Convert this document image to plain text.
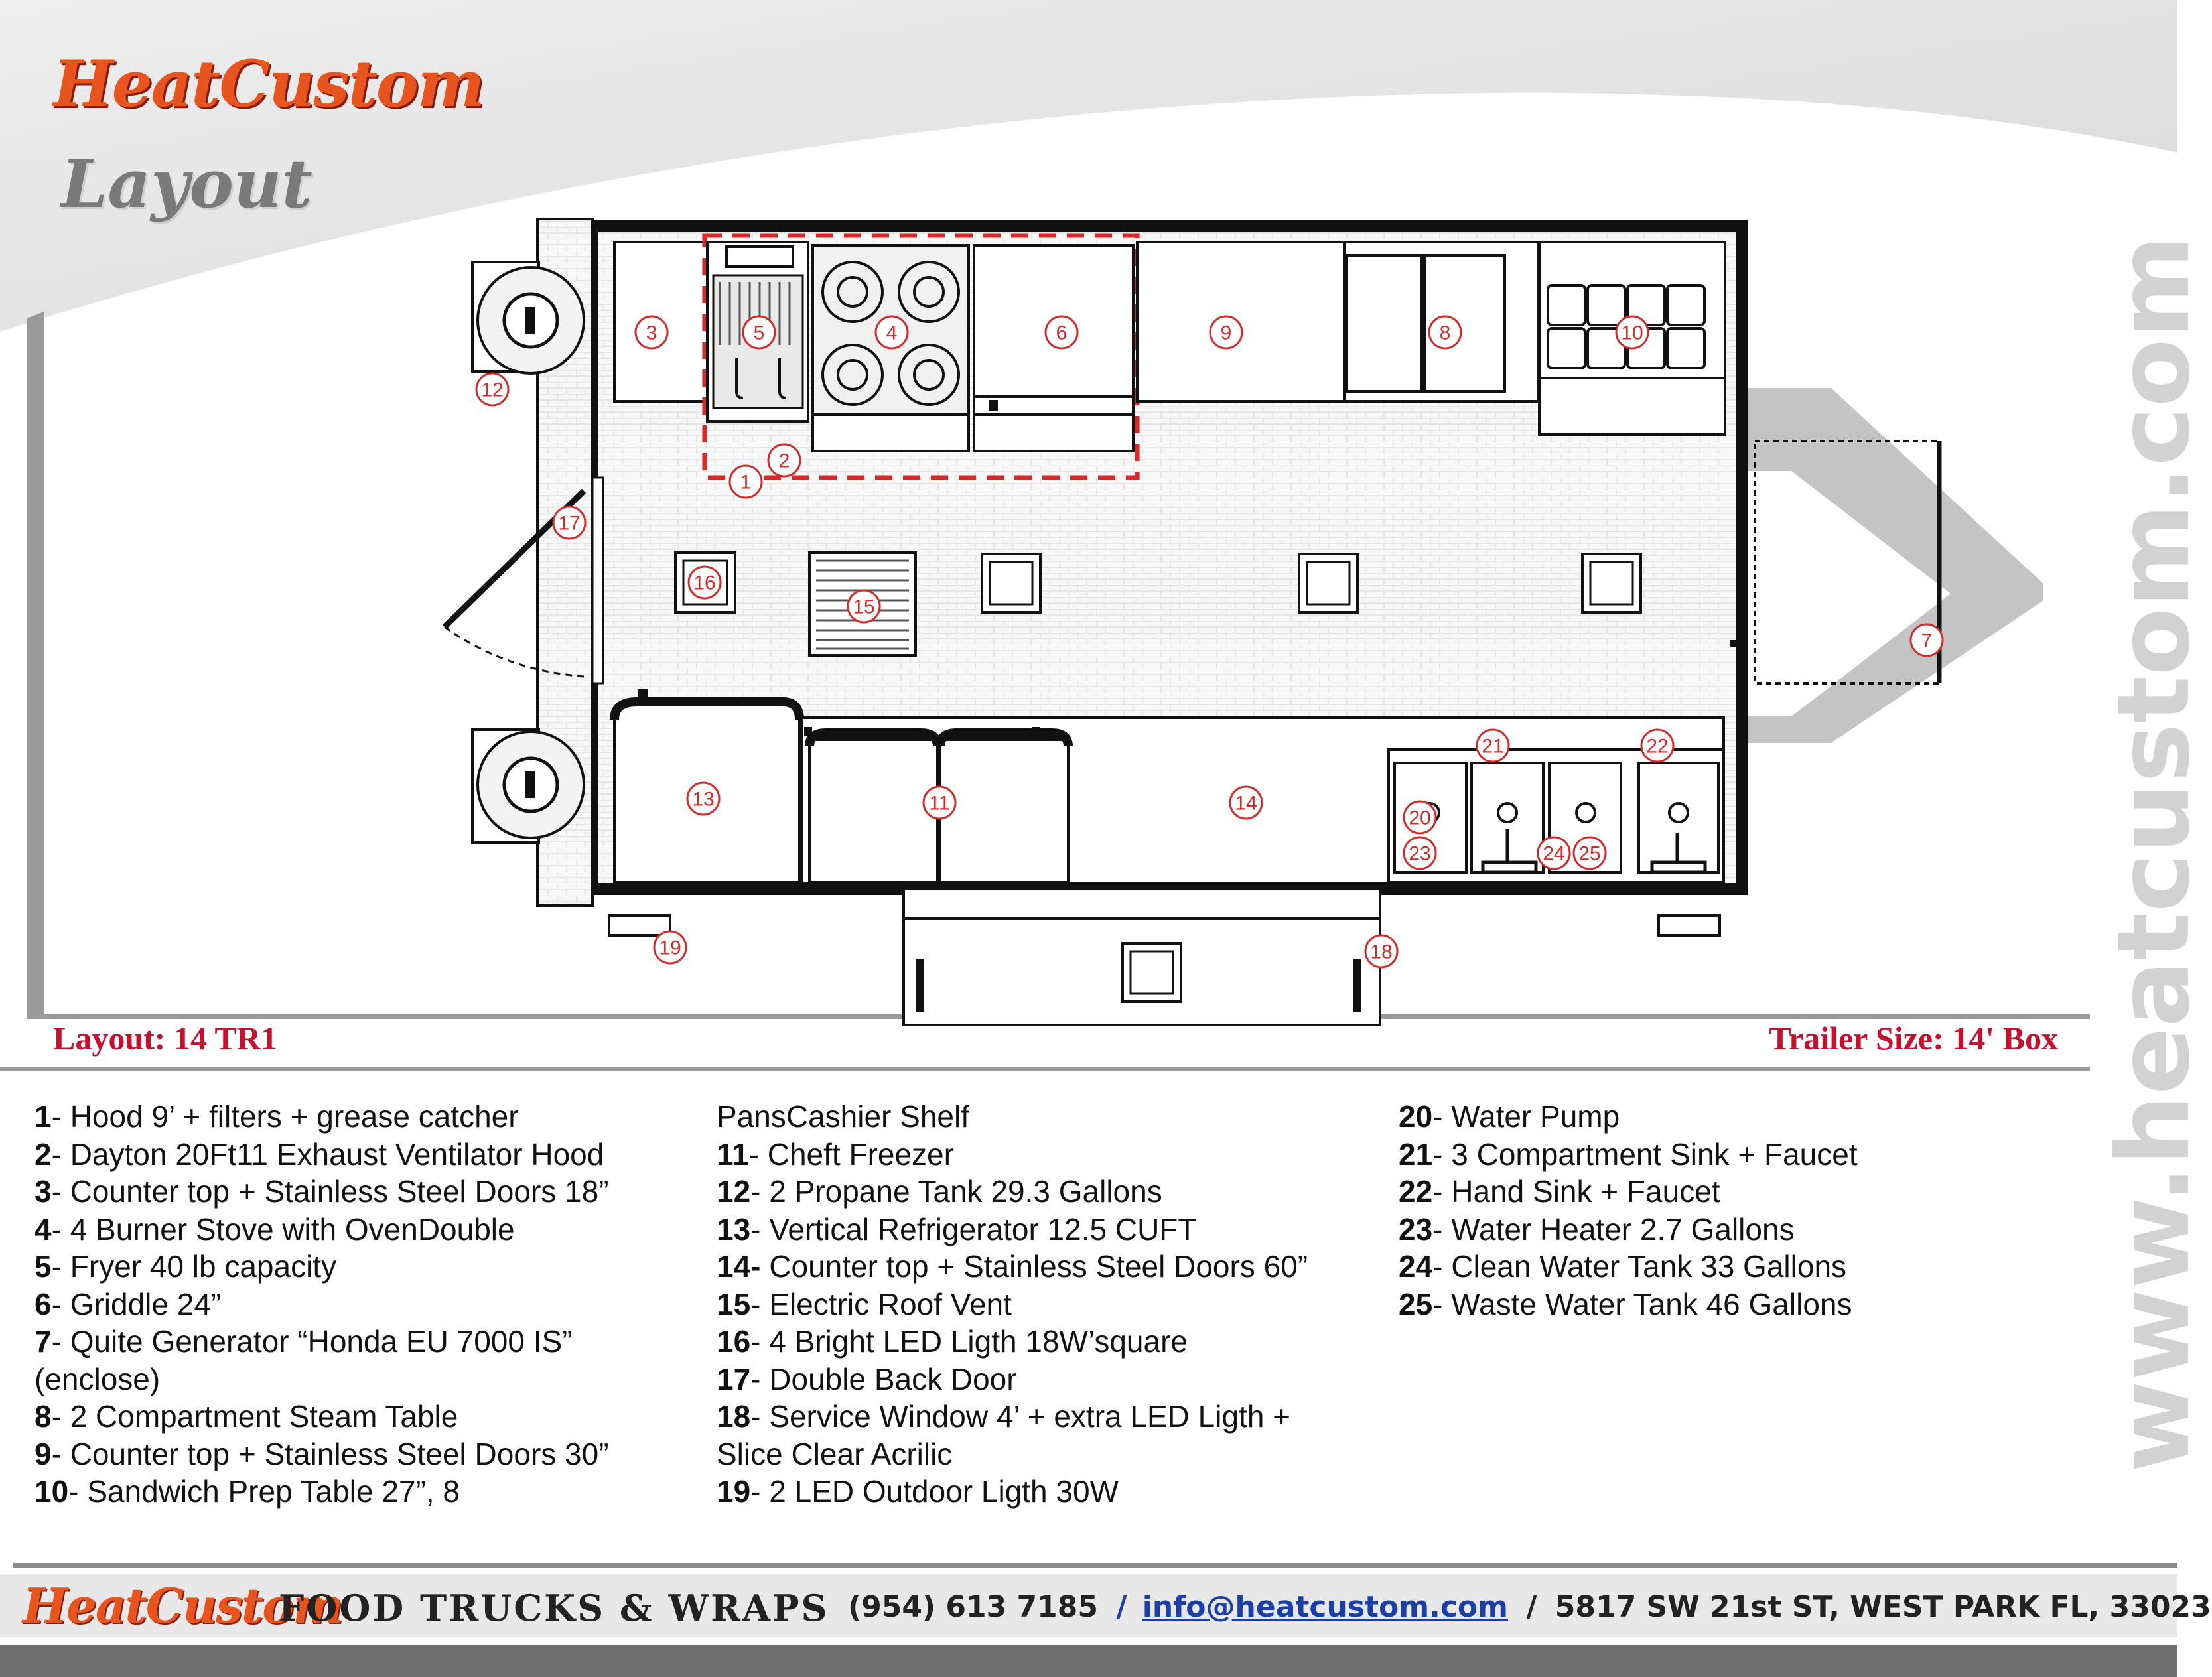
1
2
3	4
5	6
7
8
9	10
11
12
13	14
15
16
17
18
19
20
21	22
23	24 25
HeatCustom
Layout
www.heatcustom.com
Layout: 14 TR1	Trailer Size: 14' Box
1- Hood 9’ + filters + grease catcher
2- Dayton 20Ft11 Exhaust Ventilator Hood
3- Counter top + Stainless Steel Doors 18”
4- 4 Burner Stove with OvenDouble
5- Fryer 40 lb capacity
6- Griddle 24”
7- Quite Generator “Honda EU 7000 IS”
(enclose)
8- 2 Compartment Steam Table
9- Counter top + Stainless Steel Doors 30”
10- Sandwich Prep Table 27”, 8
PansCashier Shelf
11- Cheft Freezer
12- 2 Propane Tank 29.3 Gallons
13- Vertical Refrigerator 12.5 CUFT
14- Counter top + Stainless Steel Doors 60”
15- Electric Roof Vent
16- 4 Bright LED Ligth 18W’square
17- Double Back Door
18- Service Window 4’ + extra LED Ligth +
Slice Clear Acrilic
19- 2 LED Outdoor Ligth 30W
20- Water Pump
21- 3 Compartment Sink + Faucet
22- Hand Sink + Faucet
23- Water Heater 2.7 Gallons
24- Clean Water Tank 33 Gallons
25- Waste Water Tank 46 Gallons
HeatCustom
FOOD TRUCKS & WRAPS (954) 613 7185 / info@heatcustom.com / 5817 SW 21st ST, WEST PARK FL, 33023
